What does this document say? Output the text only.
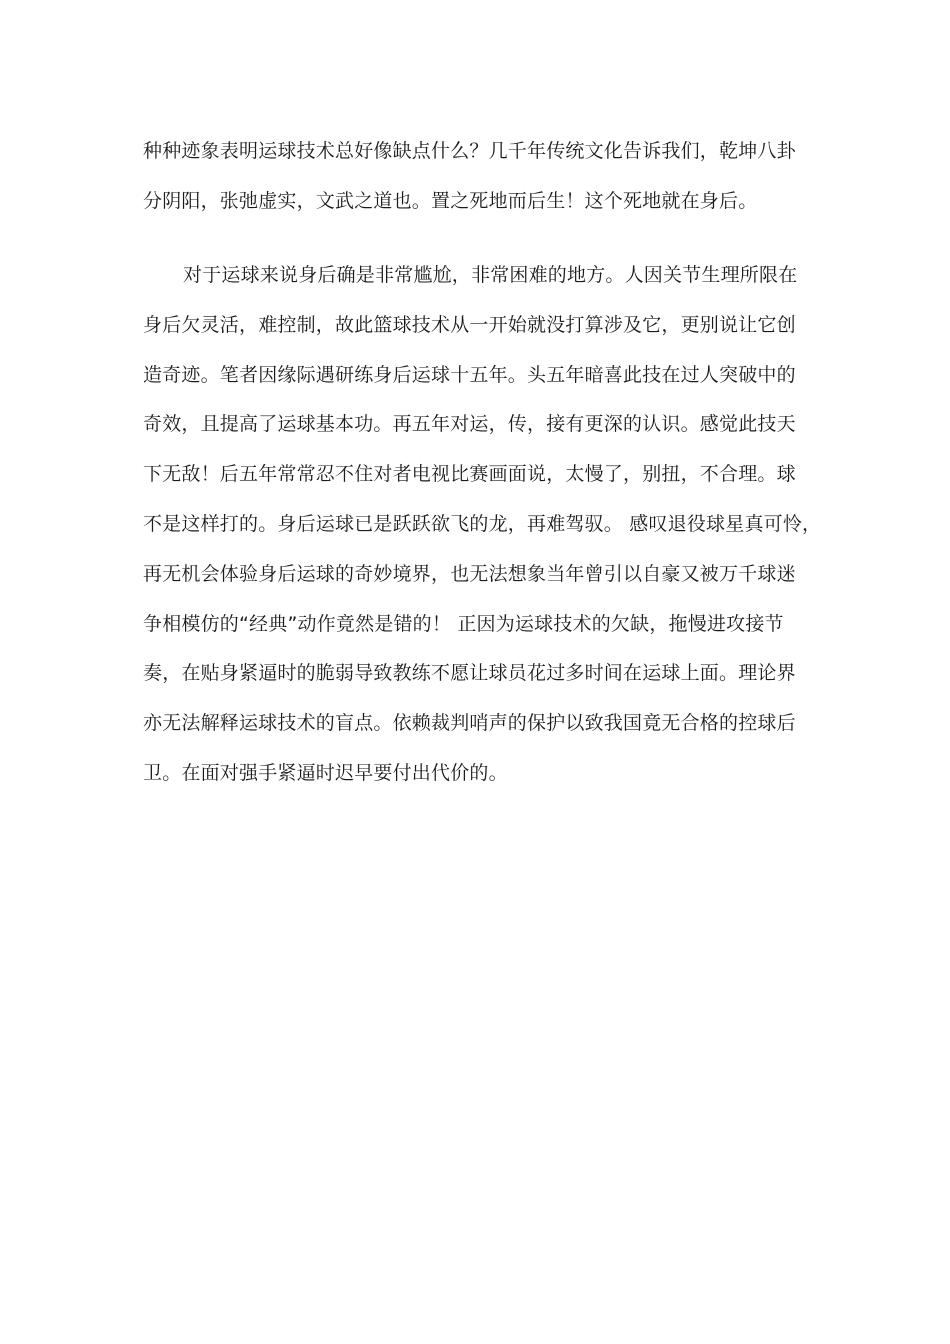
种种迹象表明运球技术总好像缺点什么？几千年传统文化告诉我们，乾坤八卦
分阴阳，张弛虚实，文武之道也。置之死地而后生！这个死地就在身后。
对于运球来说身后确是非常尴尬，非常困难的地方。人因关节生理所限在
身后欠灵活，难控制，故此篮球技术从一开始就没打算涉及它，更别说让它创
造奇迹。笔者因缘际遇研练身后运球十五年。头五年暗喜此技在过人突破中的
奇效，且提高了运球基本功。再五年对运，传，接有更深的认识。感觉此技天
下无敌！后五年常常忍不住对者电视比赛画面说，太慢了，别扭，不合理。球
不是这样打的。身后运球已是跃跃欲飞的龙，再难驾驭。 感叹退役球星真可怜，
再无机会体验身后运球的奇妙境界，也无法想象当年曾引以自豪又被万千球迷
争相模仿的“经典”动作竟然是错的！ 正因为运球技术的欠缺，拖慢进攻接节
奏，在贴身紧逼时的脆弱导致教练不愿让球员花过多时间在运球上面。理论界
亦无法解释运球技术的盲点。依赖裁判哨声的保护以致我国竟无合格的控球后
卫。在面对强手紧逼时迟早要付出代价的。
